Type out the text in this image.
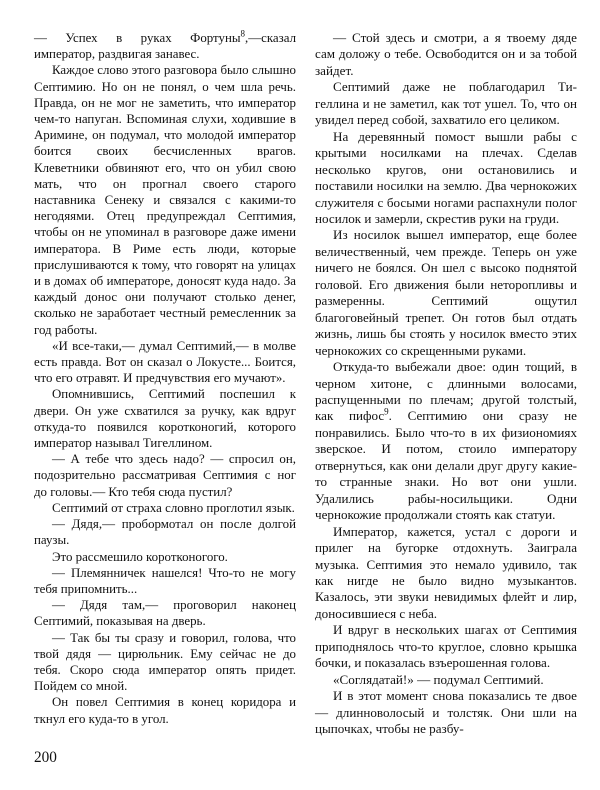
— Успех в руках Фортуны$^8$,—сказал император, раздвигая занавес.

Каждое слово этого разговора было слышно Септимию. Но он не понял, о чем шла речь. Правда, он не мог не заметить, что император чем-то напуган. Вспоминая слухи, ходившие в Аримине, он подумал, что молодой император боится своих бесчисленных врагов. Клеветники обвиняют его, что он убил свою мать, что он прогнал своего старого наставника Сенеку и связался с какими-то негодяями. Отец предупреждал Септимия, чтобы он не упоминал в разговоре даже имени императора. В Риме есть люди, которые прислушиваются к тому, что говорят на улицах и в домах об императоре, доносят куда надо. За каждый донос они получают столько денег, сколько не заработает честный ремесленник за год работы.

«И все-таки,— думал Септимий,— в молве есть правда. Вот он сказал о Локусте... Боится, что его отравят. И предчувствия его мучают».

Опомнившись, Септимий поспешил к двери. Он уже схватился за ручку, как вдруг откуда-то появился коротконогий, которого император называл Тигеллином.

— А тебе что здесь надо? — спросил он, подозрительно рассматривая Септимия с ног до головы.— Кто тебя сюда пустил?

Септимий от страха словно проглотил язык.

— Дядя,— пробормотал он после долгой паузы.

Это рассмешило коротконогого.

— Племянничек нашелся! Что-то не могу тебя припомнить...

— Дядя там,— проговорил наконец Септимий, показывая на дверь.

— Так бы ты сразу и говорил, голова, что твой дядя — цирюльник. Ему сейчас не до тебя. Скоро сюда император опять придет. Пойдем со мной.

Он повел Септимия в конец коридора и ткнул его куда-то в угол.

— Стой здесь и смотри, а я твоему дяде сам доложу о тебе. Освободится он и за тобой зайдет.

Септимий даже не поблагодарил Тигеллина и не заметил, как тот ушел. То, что он увидел перед собой, захватило его целиком.

На деревянный помост вышли рабы с крытыми носилками на плечах. Сделав несколько кругов, они остановились и поставили носилки на землю. Два чернокожих служителя с босыми ногами распахнули полог носилок и замерли, скрестив руки на груди.

Из носилок вышел император, еще более величественный, чем прежде. Теперь он уже ничего не боялся. Он шел с высоко поднятой головой. Его движения были неторопливы и размеренны. Септимий ощутил благоговейный трепет. Он готов был отдать жизнь, лишь бы стоять у носилок вместо этих чернокожих со скрещенными руками.

Откуда-то выбежали двое: один тощий, в черном хитоне, с длинными волосами, распущенными по плечам; другой толстый, как пифос$^9$. Септимию они сразу не понравились. Было что-то в их физиономиях зверское. И потом, стоило императору отвернуться, как они делали друг другу какие-то странные знаки. Но вот они ушли. Удалились рабы-носильщики. Одни чернокожие продолжали стоять как статуи.

Император, кажется, устал с дороги и прилег на бугорке отдохнуть. Заиграла музыка. Септимия это немало удивило, так как нигде не было видно музыкантов. Казалось, эти звуки невидимых флейт и лир, доносившиеся с неба.

И вдруг в нескольких шагах от Септимия приподнялось что-то круглое, словно крышка бочки, и показалась взъерошенная голова.

«Соглядатай!» — подумал Септимий.

И в этот момент снова показались те двое — длинноволосый и толстяк. Они шли на цыпочках, чтобы не разбу-

200
